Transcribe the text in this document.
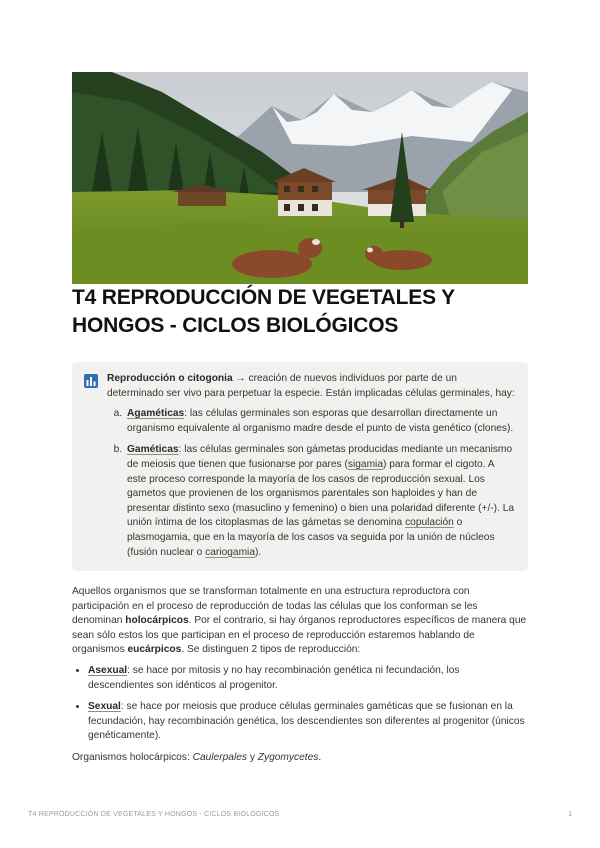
T4 REPRODUCCIÓN DE VEGETALES Y HONGOS - CICLOS BIOLÓGICOS

Reproducción o citogonia → creación de nuevos individuos por parte de un determinado ser vivo para perpetuar la especie. Están implicadas células germinales, hay:

a. Agaméticas: las células germinales son esporas que desarrollan directamente un organismo equivalente al organismo madre desde el punto de vista genético (clones).
b. Gaméticas: las células germinales son gámetas producidas mediante un mecanismo de meiosis que tienen que fusionarse por pares (sigamia) para formar el cigoto. A este proceso corresponde la mayoría de los casos de reproducción sexual. Los gametos que provienen de los organismos parentales son haploides y han de presentar distinto sexo (masuclino y femenino) o bien una polaridad diferente (+/-). La unión íntima de los citoplasmas de las gámetas se denomina copulación o plasmogamia, que en la mayoría de los casos va seguida por la unión de núcleos (fusión nuclear o cariogamia).

Aquellos organismos que se transforman totalmente en una estructura reproductora con participación en el proceso de reproducción de todas las células que los conforman se les denominan holocárpicos. Por el contrario, si hay órganos reproductores específicos de manera que sean sólo estos los que participan en el proceso de reproducción estaremos hablando de organismos eucárpicos. Se distinguen 2 tipos de reproducción:

• Asexual: se hace por mitosis y no hay recombinación genética ni fecundación, los descendientes son idénticos al progenitor.
• Sexual: se hace por meiosis que produce células germinales gaméticas que se fusionan en la fecundación, hay recombinación genética, los descendientes son diferentes al progenitor (únicos genéticamente).

Organismos holocárpicos: Caulerpales y Zygomycetes.

T4 REPRODUCCIÓN DE VEGETALES Y HONGOS - CICLOS BIOLÓGICOS	1
